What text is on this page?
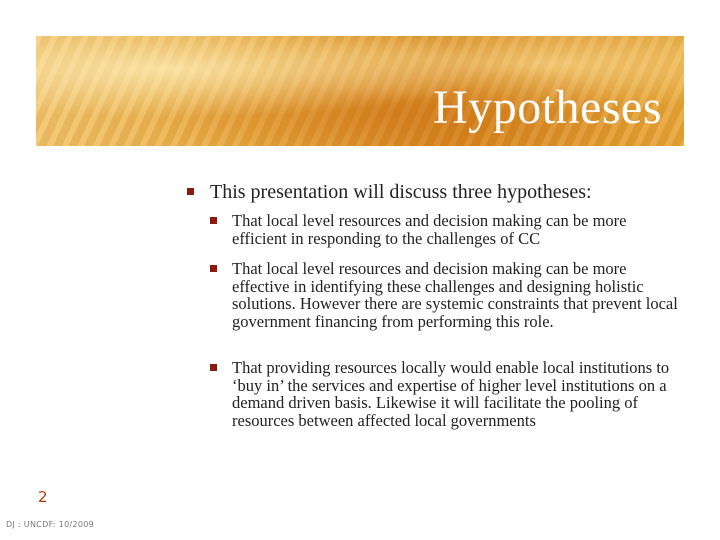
Hypotheses
This presentation will discuss three hypotheses:
That local level resources and decision making can be more efficient in responding to the challenges of CC
That local level resources and decision making can be more effective in identifying these challenges and designing holistic solutions. However there are systemic constraints that prevent local government financing from performing this role.
That providing resources locally would enable local institutions to ‘buy in’ the services and expertise of higher level institutions on a demand driven basis. Likewise it will facilitate the pooling of resources between affected local governments
2
DJ : UNCDF: 10/2009
